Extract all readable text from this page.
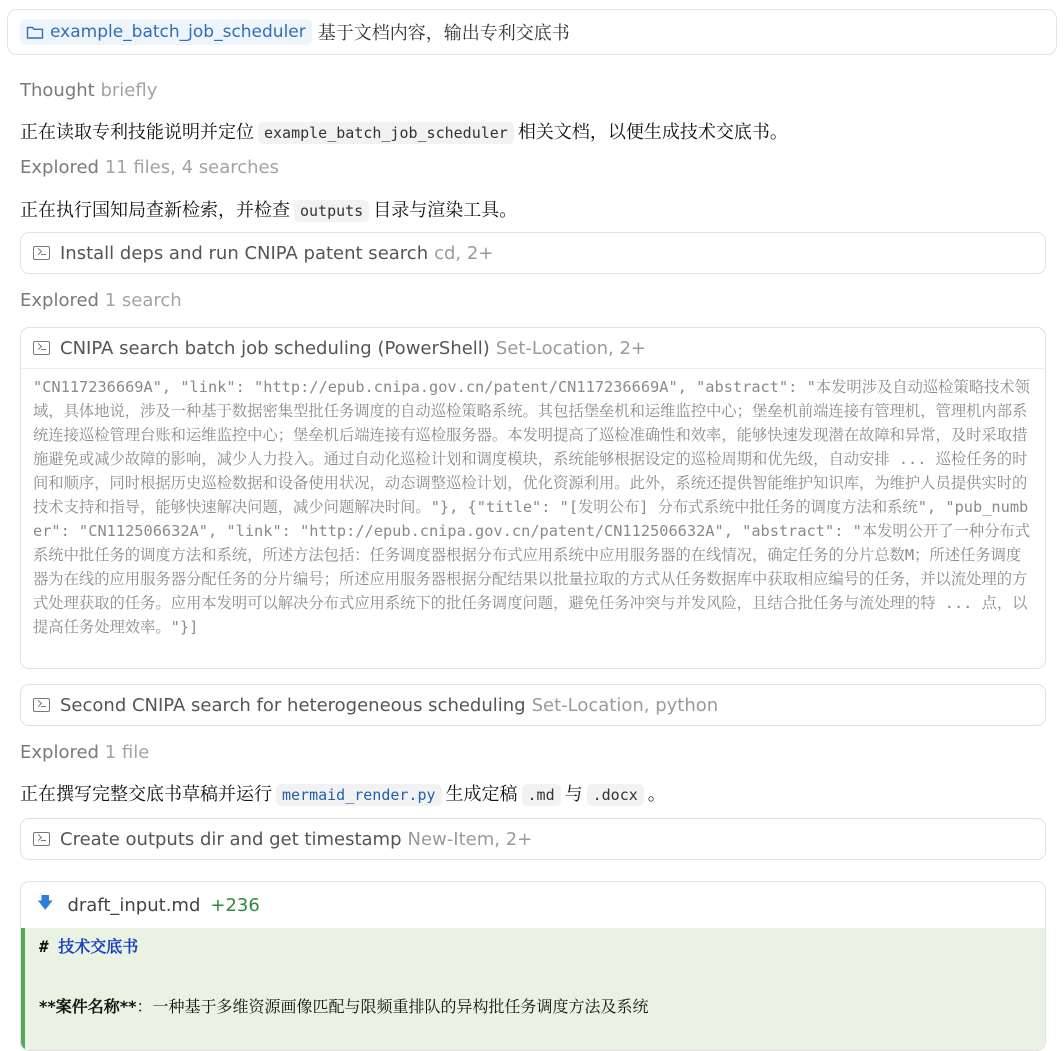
example_batch_job_scheduler 基于文档内容，输出专利交底书
Thought briefly
正在读取专利技能说明并定位 example_batch_job_scheduler 相关文档，以便生成技术交底书。
Explored 11 files, 4 searches
正在执行国知局查新检索，并检查 outputs 目录与渲染工具。
Install deps and run CNIPA patent search cd, 2+
Explored 1 search
CNIPA search batch job scheduling (PowerShell) Set-Location, 2+
"CN117236669A", "link": "http://epub.cnipa.gov.cn/patent/CN117236669A", "abstract": "本发明涉及自动巡检策略技术领域，具体地说，涉及一种基于数据密集型批任务调度的自动巡检策略系统。其包括堡垒机和运维监控中心；堡垒机前端连接有管理机，管理机内部系统连接巡检管理台账和运维监控中心；堡垒机后端连接有巡检服务器。本发明提高了巡检准确性和效率，能够快速发现潜在故障和异常，及时采取措施避免或减少故障的影响，减少人力投入。通过自动化巡检计划和调度模块，系统能够根据设定的巡检周期和优先级，自动安排 ... 巡检任务的时间和顺序，同时根据历史巡检数据和设备使用状况，动态调整巡检计划，优化资源利用。此外，系统还提供智能维护知识库，为维护人员提供实时的技术支持和指导，能够快速解决问题，减少问题解决时间。"}, {"title": "[发明公布] 分布式系统中批任务的调度方法和系统", "pub_number": "CN112506632A", "link": "http://epub.cnipa.gov.cn/patent/CN112506632A", "abstract": "本发明公开了一种分布式系统中批任务的调度方法和系统，所述方法包括：任务调度器根据分布式应用系统中应用服务器的在线情况，确定任务的分片总数M；所述任务调度器为在线的应用服务器分配任务的分片编号；所述应用服务器根据分配结果以批量拉取的方式从任务数据库中获取相应编号的任务，并以流处理的方式处理获取的任务。应用本发明可以解决分布式应用系统下的批任务调度问题，避免任务冲突与并发风险，且结合批任务与流处理的特 ... 点，以提高任务处理效率。"}]
Second CNIPA search for heterogeneous scheduling Set-Location, python
Explored 1 file
正在撰写完整交底书草稿并运行 mermaid_render.py 生成定稿 .md 与 .docx 。
Create outputs dir and get timestamp New-Item, 2+
🡇 draft_input.md +236
# 技术交底书
**案件名称**：一种基于多维资源画像匹配与限频重排队的异构批任务调度方法及系统
